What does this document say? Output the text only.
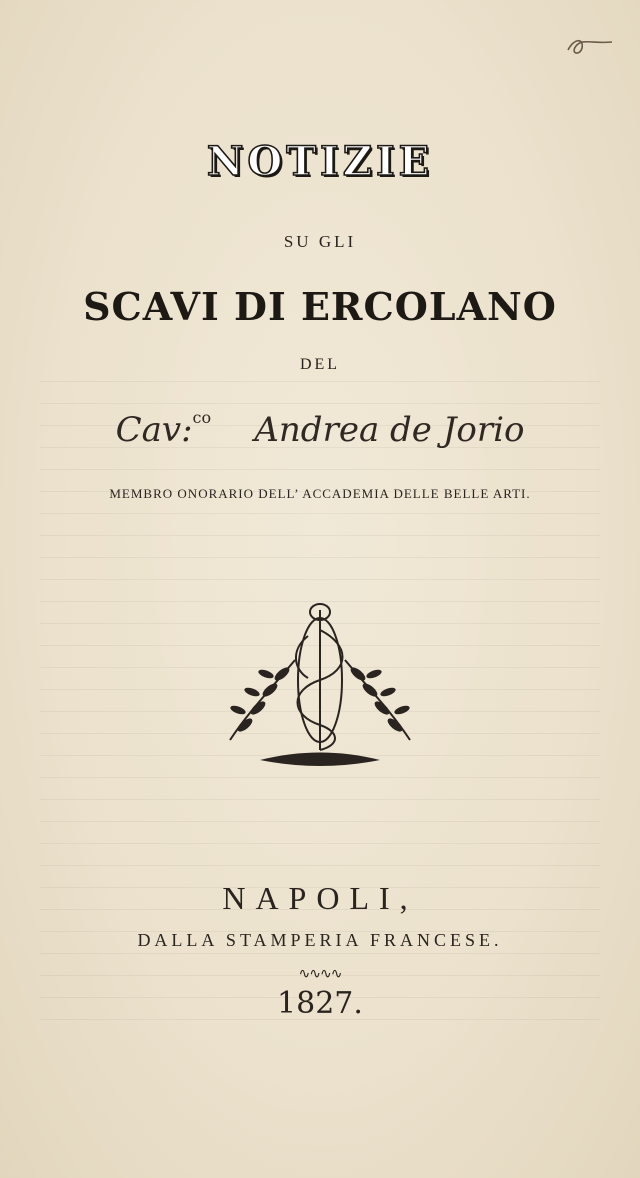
NOTIZIE
SU GLI
SCAVI DI ERCOLANO
DEL
Cav:$^{co}$ Andrea de Jorio
MEMBRO ONORARIO DELL’ ACCADEMIA DELLE BELLE ARTI.
NAPOLI,
DALLA STAMPERIA FRANCESE.
∿∿∿∿
1827.
